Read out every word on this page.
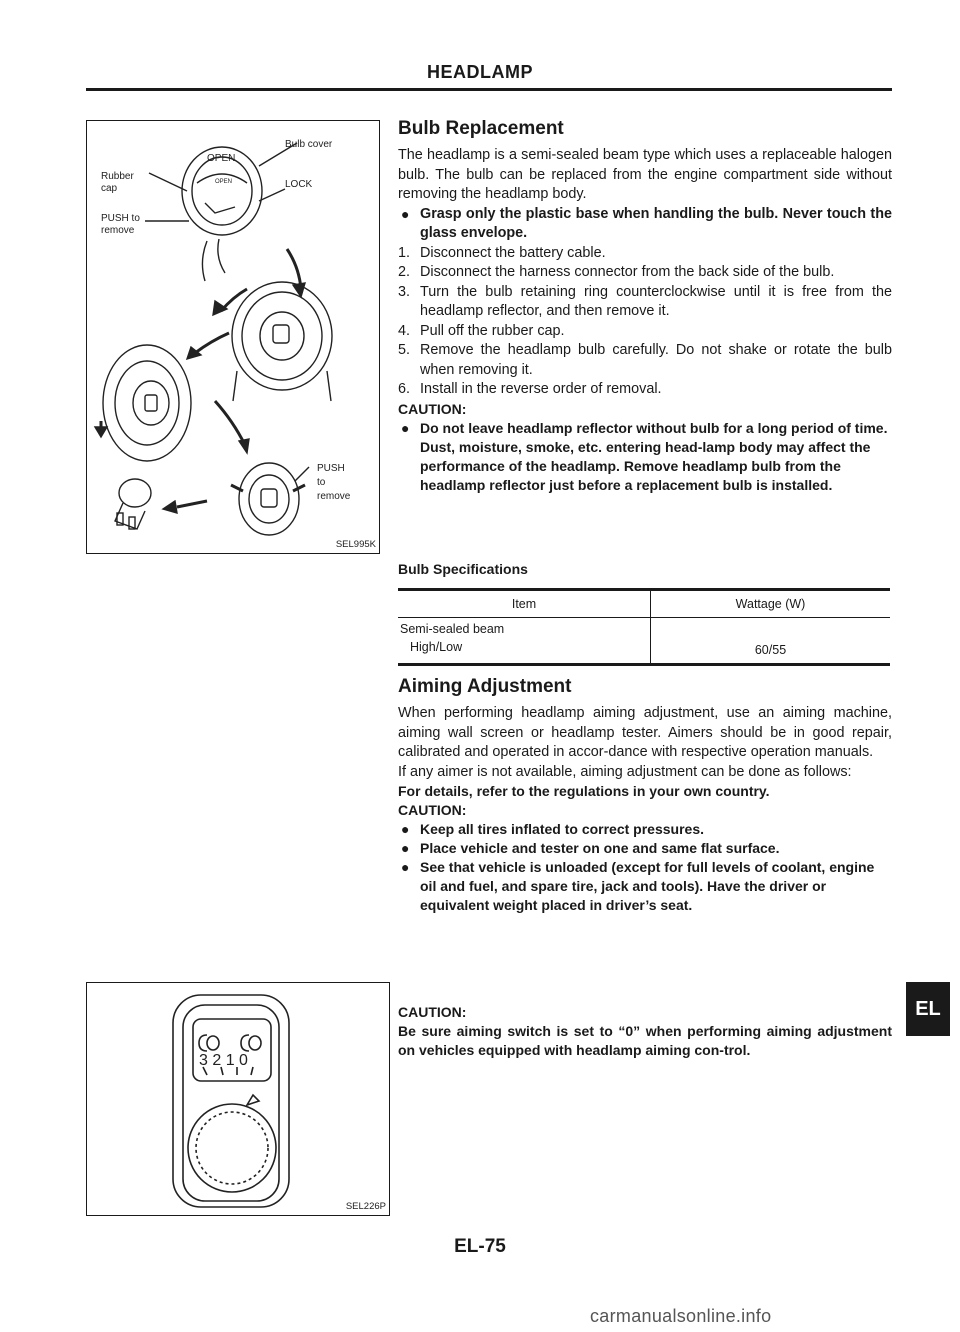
HEADLAMP
Bulb cover
OPEN
Rubber
cap	LOCK
OPEN
PUSH to
remove
PUSH
to
remove
SEL995K
3 2 1 0
SEL226P
Bulb Replacement
The headlamp is a semi-sealed beam type which uses a replaceable halogen bulb. The bulb can be replaced from the engine compartment side without removing the headlamp body.
● Grasp only the plastic base when handling the bulb. Never touch the glass envelope.
1. Disconnect the battery cable.
2. Disconnect the harness connector from the back side of the bulb.
3. Turn the bulb retaining ring counterclockwise until it is free from the headlamp reflector, and then remove it.
4. Pull off the rubber cap.
5. Remove the headlamp bulb carefully. Do not shake or rotate the bulb when removing it.
6. Install in the reverse order of removal.
CAUTION:
● Do not leave headlamp reflector without bulb for a long period of time. Dust, moisture, smoke, etc. entering head-lamp body may affect the performance of the headlamp. Remove headlamp bulb from the headlamp reflector just before a replacement bulb is installed.
Bulb Specifications
Item	Wattage (W)

Semi-sealed beam
High/Low	60/55
Aiming Adjustment
When performing headlamp aiming adjustment, use an aiming machine, aiming wall screen or headlamp tester. Aimers should be in good repair, calibrated and operated in accor-dance with respective operation manuals.
If any aimer is not available, aiming adjustment can be done as follows:
For details, refer to the regulations in your own country.
CAUTION:
● Keep all tires inflated to correct pressures.
● Place vehicle and tester on one and same flat surface.
● See that vehicle is unloaded (except for full levels of coolant, engine oil and fuel, and spare tire, jack and tools). Have the driver or equivalent weight placed in driver’s seat.
CAUTION:
Be sure aiming switch is set to “0” when performing aiming adjustment on vehicles equipped with headlamp aiming con-trol.
EL
EL-75
carmanualsonline.info
